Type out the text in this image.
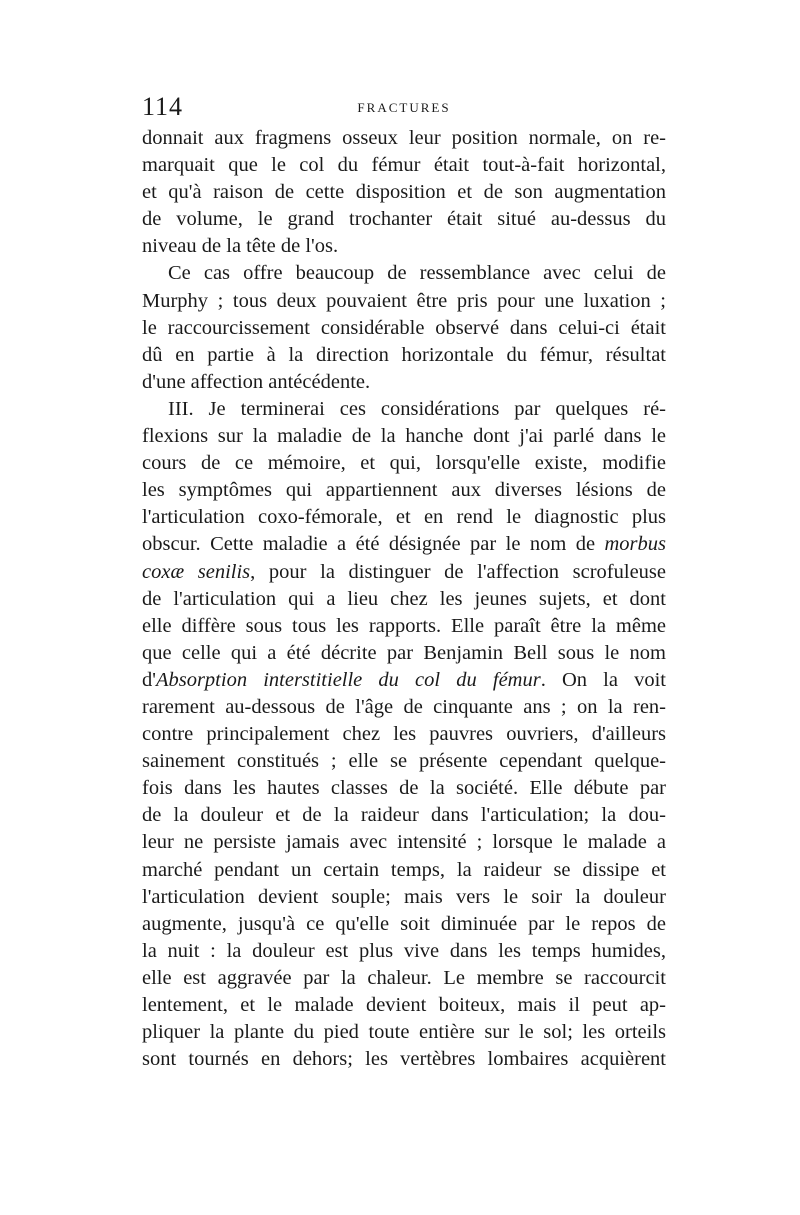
114	FRACTURES
donnait aux fragmens osseux leur position normale, on re-
marquait que le col du fémur était tout-à-fait horizontal,
et qu'à raison de cette disposition et de son augmentation
de volume, le grand trochanter était situé au-dessus du
niveau de la tête de l'os.
Ce cas offre beaucoup de ressemblance avec celui de
Murphy ; tous deux pouvaient être pris pour une luxation ;
le raccourcissement considérable observé dans celui-ci était
dû en partie à la direction horizontale du fémur, résultat
d'une affection antécédente.
III. Je terminerai ces considérations par quelques ré-
flexions sur la maladie de la hanche dont j'ai parlé dans le
cours de ce mémoire, et qui, lorsqu'elle existe, modifie
les symptômes qui appartiennent aux diverses lésions de
l'articulation coxo-fémorale, et en rend le diagnostic plus
obscur. Cette maladie a été désignée par le nom de morbus
coxæ senilis, pour la distinguer de l'affection scrofuleuse
de l'articulation qui a lieu chez les jeunes sujets, et dont
elle diffère sous tous les rapports. Elle paraît être la même
que celle qui a été décrite par Benjamin Bell sous le nom
d'Absorption interstitielle du col du fémur. On la voit
rarement au-dessous de l'âge de cinquante ans ; on la ren-
contre principalement chez les pauvres ouvriers, d'ailleurs
sainement constitués ; elle se présente cependant quelque-
fois dans les hautes classes de la société. Elle débute par
de la douleur et de la raideur dans l'articulation; la dou-
leur ne persiste jamais avec intensité ; lorsque le malade a
marché pendant un certain temps, la raideur se dissipe et
l'articulation devient souple; mais vers le soir la douleur
augmente, jusqu'à ce qu'elle soit diminuée par le repos de
la nuit : la douleur est plus vive dans les temps humides,
elle est aggravée par la chaleur. Le membre se raccourcit
lentement, et le malade devient boiteux, mais il peut ap-
pliquer la plante du pied toute entière sur le sol; les orteils
sont tournés en dehors; les vertèbres lombaires acquièrent
